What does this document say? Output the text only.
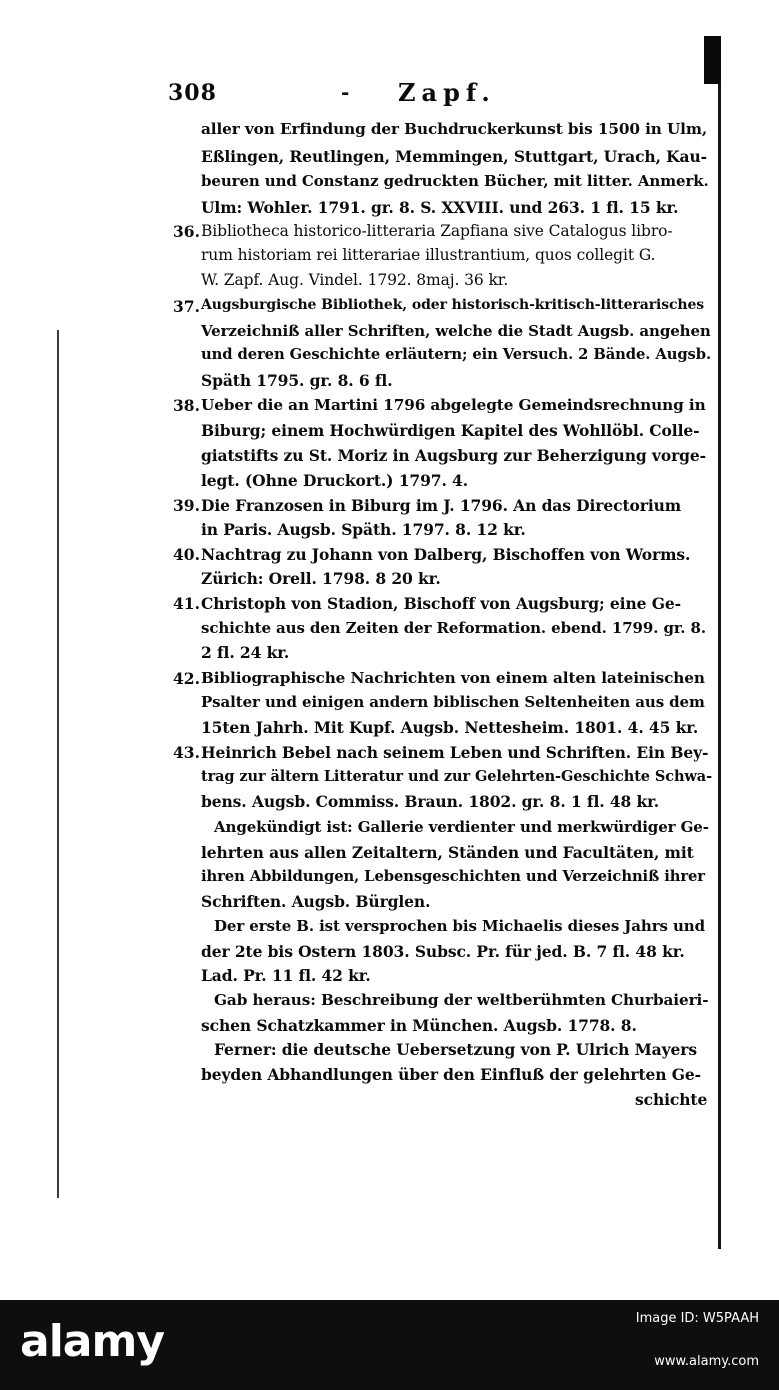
308	- Zapf.
aller von Erfindung der Buchdruckerkunst bis 1500 in Ulm,
Eßlingen, Reutlingen, Memmingen, Stuttgart, Urach, Kau-
beuren und Constanz gedruckten Bücher, mit litter. Anmerk.
Ulm: Wohler. 1791. gr. 8. S. XXVIII. und 263. 1 fl. 15 kr.
36. Bibliotheca historico-litteraria Zapfiana sive Catalogus libro-
rum historiam rei litterariae illustrantium, quos collegit G.
W. Zapf. Aug. Vindel. 1792. 8maj. 36 kr.
37. Augsburgische Bibliothek, oder historisch-kritisch-litterarisches
Verzeichniß aller Schriften, welche die Stadt Augsb. angehen
und deren Geschichte erläutern; ein Versuch. 2 Bände. Augsb.
Späth 1795. gr. 8. 6 fl.
38. Ueber die an Martini 1796 abgelegte Gemeindsrechnung in
Biburg; einem Hochwürdigen Kapitel des Wohllöbl. Colle-
giatstifts zu St. Moriz in Augsburg zur Beherzigung vorge-
legt. (Ohne Druckort.) 1797. 4.
39. Die Franzosen in Biburg im J. 1796. An das Directorium
in Paris. Augsb. Späth. 1797. 8. 12 kr.
40. Nachtrag zu Johann von Dalberg, Bischoffen von Worms.
Zürich: Orell. 1798. 8 20 kr.
41. Christoph von Stadion, Bischoff von Augsburg; eine Ge-
schichte aus den Zeiten der Reformation. ebend. 1799. gr. 8.
2 fl. 24 kr.
42. Bibliographische Nachrichten von einem alten lateinischen
Psalter und einigen andern biblischen Seltenheiten aus dem
15ten Jahrh. Mit Kupf. Augsb. Nettesheim. 1801. 4. 45 kr.
43. Heinrich Bebel nach seinem Leben und Schriften. Ein Bey-
trag zur ältern Litteratur und zur Gelehrten-Geschichte Schwa-
bens. Augsb. Commiss. Braun. 1802. gr. 8. 1 fl. 48 kr.
Angekündigt ist: Gallerie verdienter und merkwürdiger Ge-
lehrten aus allen Zeitaltern, Ständen und Facultäten, mit
ihren Abbildungen, Lebensgeschichten und Verzeichniß ihrer
Schriften. Augsb. Bürglen.
Der erste B. ist versprochen bis Michaelis dieses Jahrs und
der 2te bis Ostern 1803. Subsc. Pr. für jed. B. 7 fl. 48 kr.
Lad. Pr. 11 fl. 42 kr.
Gab heraus: Beschreibung der weltberühmten Churbaieri-
schen Schatzkammer in München. Augsb. 1778. 8.
Ferner: die deutsche Uebersetzung von P. Ulrich Mayers
beyden Abhandlungen über den Einfluß der gelehrten Ge-
schichte
alamy	Image ID: W5PAAH
www.alamy.com
